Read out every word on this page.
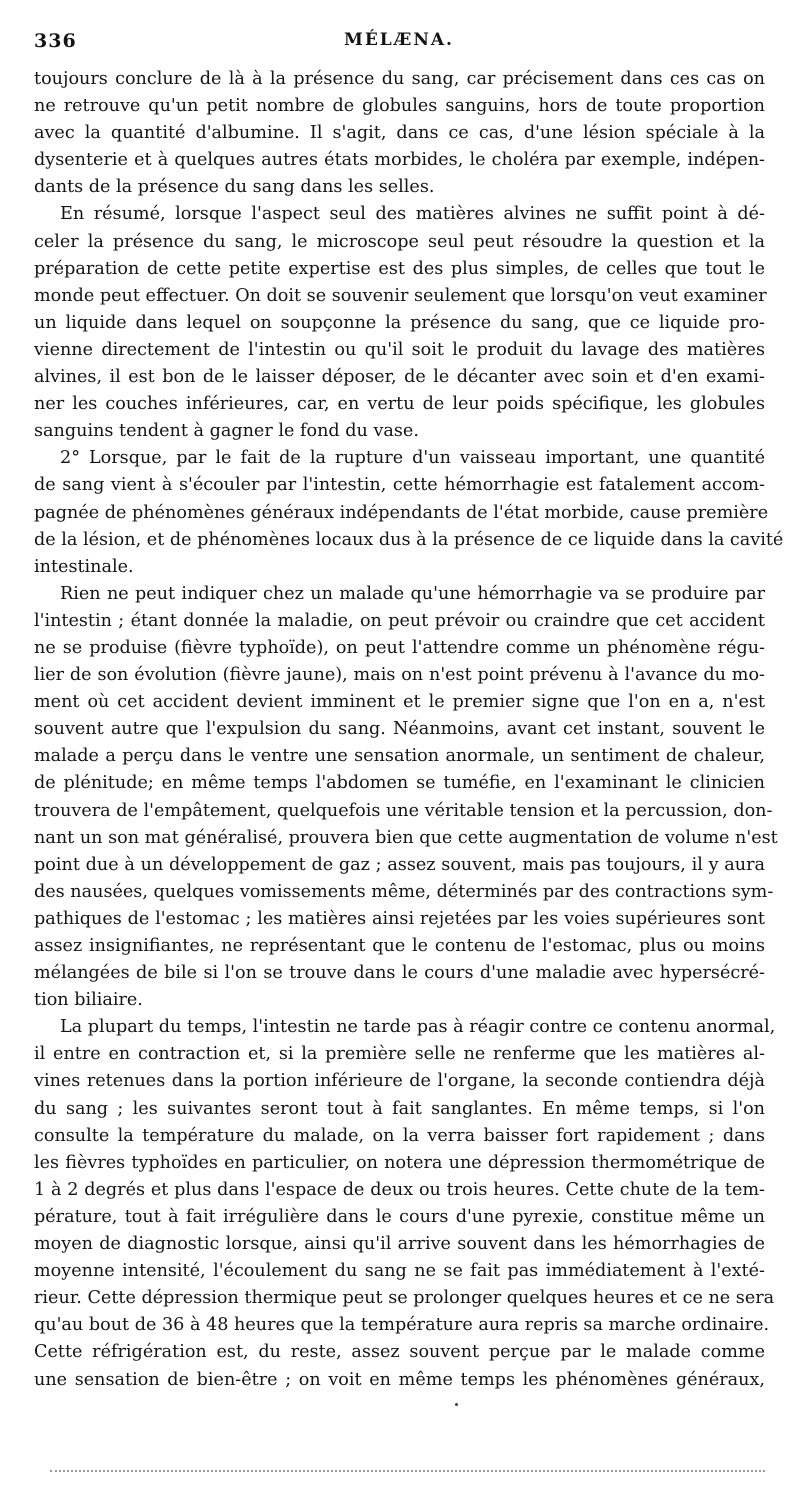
336	MÉLÆNA.
toujours conclure de là à la présence du sang, car précisement dans ces cas on
ne retrouve qu'un petit nombre de globules sanguins, hors de toute proportion
avec la quantité d'albumine. Il s'agit, dans ce cas, d'une lésion spéciale à la
dysenterie et à quelques autres états morbides, le choléra par exemple, indépen-
dants de la présence du sang dans les selles.
En résumé, lorsque l'aspect seul des matières alvines ne suffit point à dé-
celer la présence du sang, le microscope seul peut résoudre la question et la
préparation de cette petite expertise est des plus simples, de celles que tout le
monde peut effectuer. On doit se souvenir seulement que lorsqu'on veut examiner
un liquide dans lequel on soupçonne la présence du sang, que ce liquide pro-
vienne directement de l'intestin ou qu'il soit le produit du lavage des matières
alvines, il est bon de le laisser déposer, de le décanter avec soin et d'en exami-
ner les couches inférieures, car, en vertu de leur poids spécifique, les globules
sanguins tendent à gagner le fond du vase.
2° Lorsque, par le fait de la rupture d'un vaisseau important, une quantité
de sang vient à s'écouler par l'intestin, cette hémorrhagie est fatalement accom-
pagnée de phénomènes généraux indépendants de l'état morbide, cause première
de la lésion, et de phénomènes locaux dus à la présence de ce liquide dans la cavité
intestinale.
Rien ne peut indiquer chez un malade qu'une hémorrhagie va se produire par
l'intestin ; étant donnée la maladie, on peut prévoir ou craindre que cet accident
ne se produise (fièvre typhoïde), on peut l'attendre comme un phénomène régu-
lier de son évolution (fièvre jaune), mais on n'est point prévenu à l'avance du mo-
ment où cet accident devient imminent et le premier signe que l'on en a, n'est
souvent autre que l'expulsion du sang. Néanmoins, avant cet instant, souvent le
malade a perçu dans le ventre une sensation anormale, un sentiment de chaleur,
de plénitude; en même temps l'abdomen se tuméfie, en l'examinant le clinicien
trouvera de l'empâtement, quelquefois une véritable tension et la percussion, don-
nant un son mat généralisé, prouvera bien que cette augmentation de volume n'est
point due à un développement de gaz ; assez souvent, mais pas toujours, il y aura
des nausées, quelques vomissements même, déterminés par des contractions sym-
pathiques de l'estomac ; les matières ainsi rejetées par les voies supérieures sont
assez insignifiantes, ne représentant que le contenu de l'estomac, plus ou moins
mélangées de bile si l'on se trouve dans le cours d'une maladie avec hypersécré-
tion biliaire.
La plupart du temps, l'intestin ne tarde pas à réagir contre ce contenu anormal,
il entre en contraction et, si la première selle ne renferme que les matières al-
vines retenues dans la portion inférieure de l'organe, la seconde contiendra déjà
du sang ; les suivantes seront tout à fait sanglantes. En même temps, si l'on
consulte la température du malade, on la verra baisser fort rapidement ; dans
les fièvres typhoïdes en particulier, on notera une dépression thermométrique de
1 à 2 degrés et plus dans l'espace de deux ou trois heures. Cette chute de la tem-
pérature, tout à fait irrégulière dans le cours d'une pyrexie, constitue même un
moyen de diagnostic lorsque, ainsi qu'il arrive souvent dans les hémorrhagies de
moyenne intensité, l'écoulement du sang ne se fait pas immédiatement à l'exté-
rieur. Cette dépression thermique peut se prolonger quelques heures et ce ne sera
qu'au bout de 36 à 48 heures que la température aura repris sa marche ordinaire.
Cette réfrigération est, du reste, assez souvent perçue par le malade comme
une sensation de bien-être ; on voit en même temps les phénomènes généraux,
